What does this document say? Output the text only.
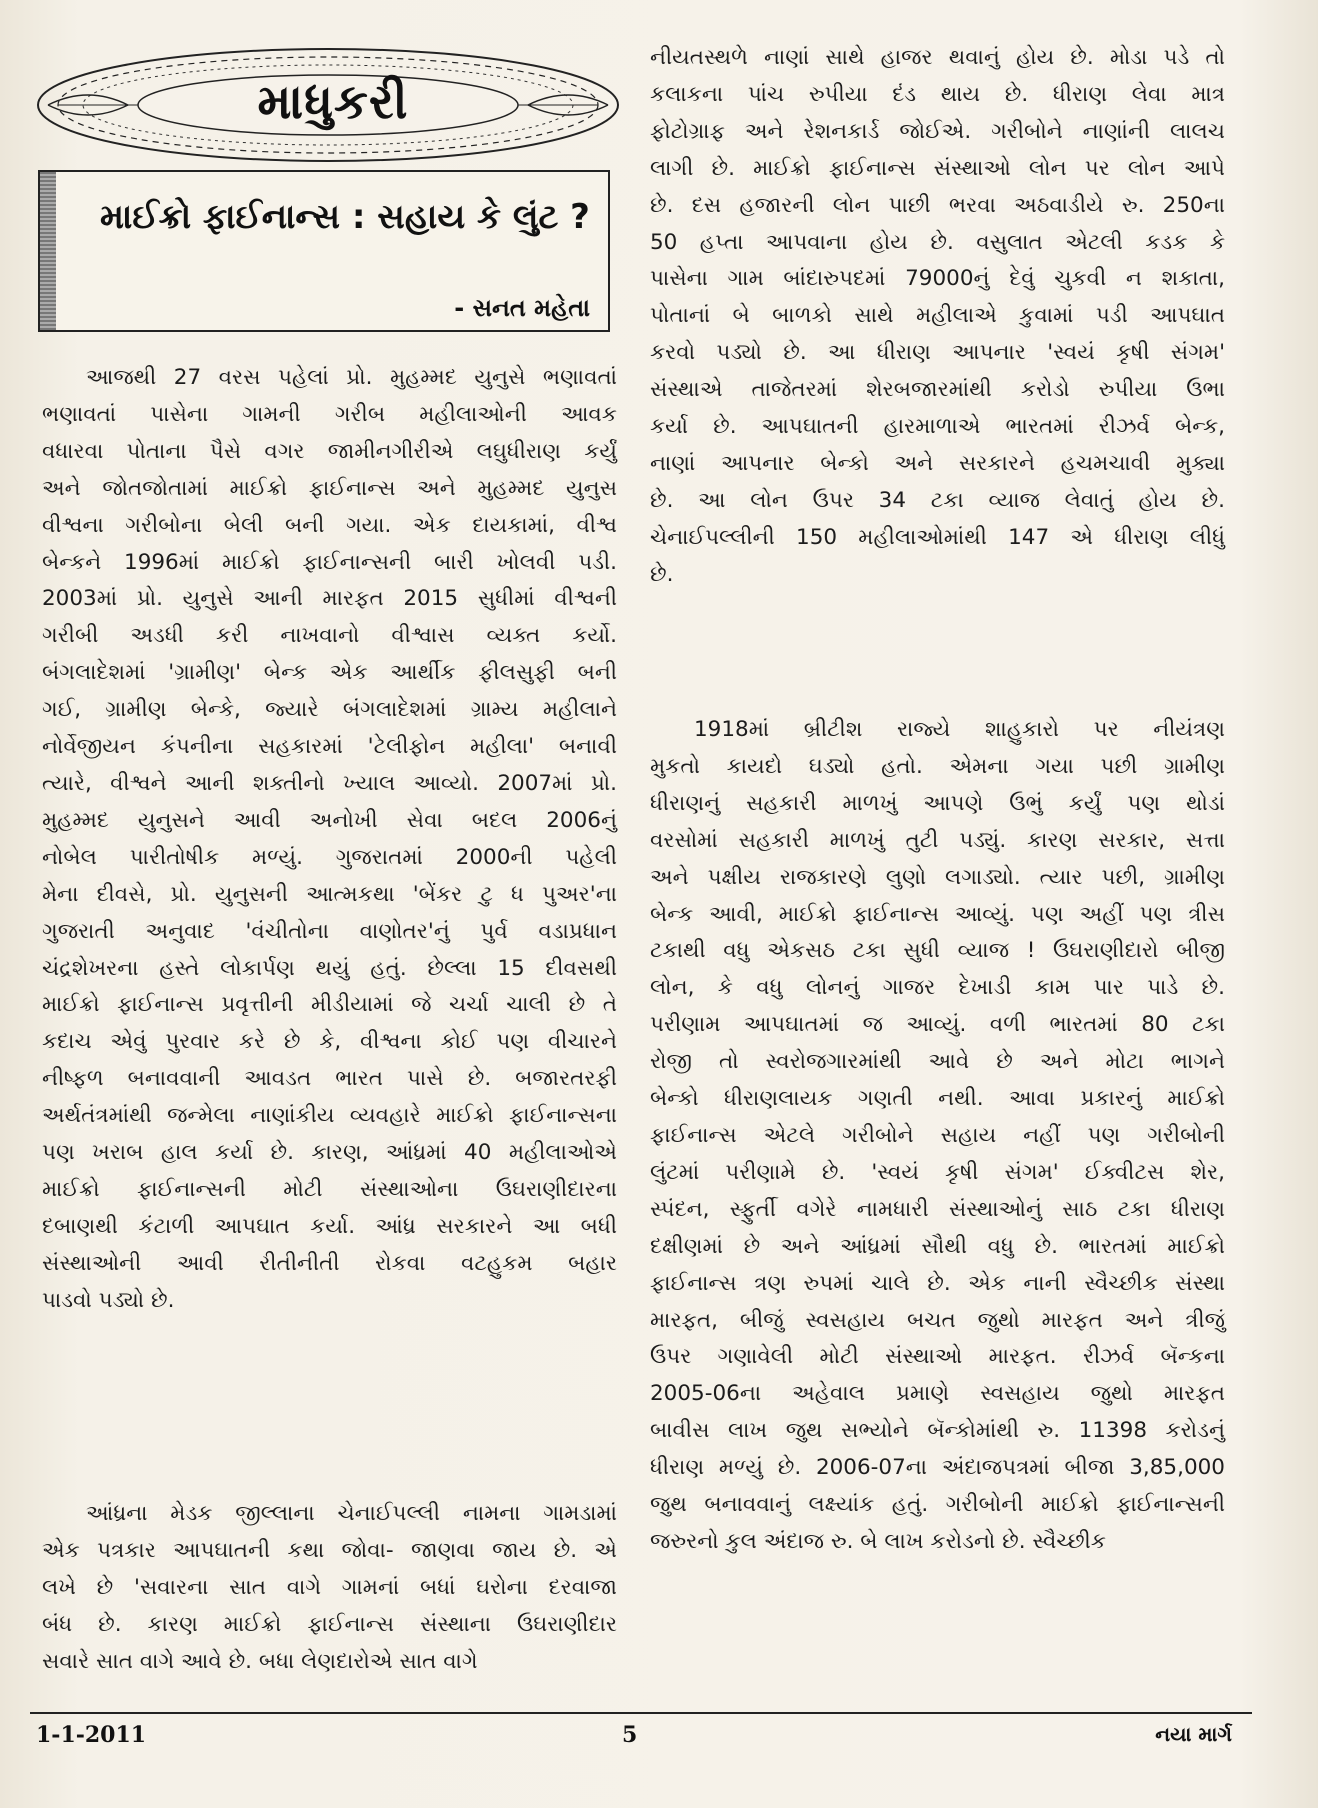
માધુકરી
માઈક્રો ફાઈનાન્સ : સહાય કે લુંટ ?
- સનત મહેતા
આજથી 27 વરસ પહેલાં પ્રો. મુહમ્મદ યુનુસે ભણાવતાં
ભણાવતાં પાસેના ગામની ગરીબ મહીલાઓની આવક
વધારવા પોતાના પૈસે વગર જામીનગીરીએ લઘુધીરાણ કર્યું
અને જોતજોતામાં માઈક્રો ફાઈનાન્સ અને મુહમ્મદ યુનુસ
વીશ્વના ગરીબોના બેલી બની ગયા. એક દાયકામાં, વીશ્વ
બેન્કને 1996માં માઈક્રો ફાઈનાન્સની બારી ખોલવી પડી.
2003માં પ્રો. યુનુસે આની મારફત 2015 સુધીમાં વીશ્વની
ગરીબી અડધી કરી નાખવાનો વીશ્વાસ વ્યક્ત કર્યો.
બંગલાદેશમાં 'ગ્રામીણ' બેન્ક એક આર્થીક ફીલસુફી બની
ગઈ, ગ્રામીણ બેન્કે, જ્યારે બંગલાદેશમાં ગ્રામ્ય મહીલાને
નોર્વેજીયન કંપનીના સહકારમાં 'ટેલીફોન મહીલા' બનાવી
ત્યારે, વીશ્વને આની શક્તીનો ખ્યાલ આવ્યો. 2007માં પ્રો.
મુહમ્મદ યુનુસને આવી અનોખી સેવા બદલ 2006નું
નોબેલ પારીતોષીક મળ્યું. ગુજરાતમાં 2000ની પહેલી
મેના દીવસે, પ્રો. યુનુસની આત્મકથા 'બેંકર ટુ ધ પુઅર'ના
ગુજરાતી અનુવાદ 'વંચીતોના વાણોતર'નું પુર્વ વડાપ્રધાન
ચંદ્રશેખરના હસ્તે લોકાર્પણ થયું હતું. છેલ્લા 15 દીવસથી
માઈક્રો ફાઈનાન્સ પ્રવૃત્તીની મીડીયામાં જે ચર્ચા ચાલી છે તે
કદાચ એવું પુરવાર કરે છે કે, વીશ્વના કોઈ પણ વીચારને
નીષ્ફળ બનાવવાની આવડત ભારત પાસે છે. બજારતરફી
અર્થતંત્રમાંથી જન્મેલા નાણાંકીય વ્યવહારે માઈક્રો ફાઈનાન્સના
પણ ખરાબ હાલ કર્યા છે. કારણ, આંધ્રમાં 40 મહીલાઓએ
માઈક્રો ફાઈનાન્સની મોટી સંસ્થાઓના ઉઘરાણીદારના
દબાણથી કંટાળી આપઘાત કર્યા. આંધ્ર સરકારને આ બધી
સંસ્થાઓની આવી રીતીનીતી રોકવા વટહુકમ બહાર
પાડવો પડ્યો છે.
આંધ્રના મેડક જીલ્લાના ચેનાઈપલ્લી નામના ગામડામાં
એક પત્રકાર આપઘાતની કથા જોવા- જાણવા જાય છે. એ
લખે છે 'સવારના સાત વાગે ગામનાં બધાં ઘરોના દરવાજા
બંધ છે. કારણ માઈક્રો ફાઈનાન્સ સંસ્થાના ઉઘરાણીદાર
સવારે સાત વાગે આવે છે. બધા લેણદારોએ સાત વાગે
નીયતસ્થળે નાણાં સાથે હાજર થવાનું હોય છે. મોડા પડે તો
કલાકના પાંચ રુપીયા દંડ થાય છે. ધીરાણ લેવા માત્ર
ફોટોગ્રાફ અને રેશનકાર્ડ જોઈએ. ગરીબોને નાણાંની લાલચ
લાગી છે. માઈક્રો ફાઈનાન્સ સંસ્થાઓ લોન પર લોન આપે
છે. દસ હજારની લોન પાછી ભરવા અઠવાડીયે રુ. 250ના
50 હપ્તા આપવાના હોય છે. વસુલાત એટલી કડક કે
પાસેના ગામ બાંદારુપદમાં 79000નું દેવું ચુકવી ન શકાતા,
પોતાનાં બે બાળકો સાથે મહીલાએ કુવામાં પડી આપઘાત
કરવો પડ્યો છે. આ ધીરાણ આપનાર 'સ્વયં કૃષી સંગમ'
સંસ્થાએ તાજેતરમાં શેરબજારમાંથી કરોડો રુપીયા ઉભા
કર્યા છે. આપઘાતની હારમાળાએ ભારતમાં રીઝર્વ બેન્ક,
નાણાં આપનાર બેન્કો અને સરકારને હચમચાવી મુક્યા
છે. આ લોન ઉપર 34 ટકા વ્યાજ લેવાતું હોય છે.
ચેનાઈપલ્લીની 150 મહીલાઓમાંથી 147 એ ધીરાણ લીધું
છે.
1918માં બ્રીટીશ રાજ્યે શાહુકારો પર નીયંત્રણ
મુકતો કાયદો ઘડ્યો હતો. એમના ગયા પછી ગ્રામીણ
ધીરાણનું સહકારી માળખું આપણે ઉભું કર્યું પણ થોડાં
વરસોમાં સહકારી માળખું તુટી પડ્યું. કારણ સરકાર, સત્તા
અને પક્ષીય રાજકારણે લુણો લગાડ્યો. ત્યાર પછી, ગ્રામીણ
બેન્ક આવી, માઈક્રો ફાઈનાન્સ આવ્યું. પણ અહીં પણ ત્રીસ
ટકાથી વધુ એકસઠ ટકા સુધી વ્યાજ ! ઉઘરાણીદારો બીજી
લોન, કે વધુ લોનનું ગાજર દેખાડી કામ પાર પાડે છે.
પરીણામ આપઘાતમાં જ આવ્યું. વળી ભારતમાં 80 ટકા
રોજી તો સ્વરોજગારમાંથી આવે છે અને મોટા ભાગને
બેન્કો ધીરાણલાયક ગણતી નથી. આવા પ્રકારનું માઈક્રો
ફાઈનાન્સ એટલે ગરીબોને સહાય નહીં પણ ગરીબોની
લુંટમાં પરીણામે છે. 'સ્વયં કૃષી સંગમ' ઈક્વીટસ શેર,
સ્પંદન, સ્ફુર્તી વગેરે નામધારી સંસ્થાઓનું સાઠ ટકા ધીરાણ
દક્ષીણમાં છે અને આંધ્રમાં સૌથી વધુ છે. ભારતમાં માઈક્રો
ફાઈનાન્સ ત્રણ રુપમાં ચાલે છે. એક નાની સ્વૈચ્છીક સંસ્થા
મારફત, બીજું સ્વસહાય બચત જુથો મારફત અને ત્રીજું
ઉપર ગણાવેલી મોટી સંસ્થાઓ મારફત. રીઝર્વ બૅન્કના
2005-06ના અહેવાલ પ્રમાણે સ્વસહાય જુથો મારફત
બાવીસ લાખ જુથ સભ્યોને બૅન્કોમાંથી રુ. 11398 કરોડનું
ધીરાણ મળ્યું છે. 2006-07ના અંદાજપત્રમાં બીજા 3,85,000
જુથ બનાવવાનું લક્ષ્યાંક હતું. ગરીબોની માઈક્રો ફાઈનાન્સની
જરુરનો કુલ અંદાજ રુ. બે લાખ કરોડનો છે. સ્વૈચ્છીક
1-1-2011	5	નયા માર્ગ
